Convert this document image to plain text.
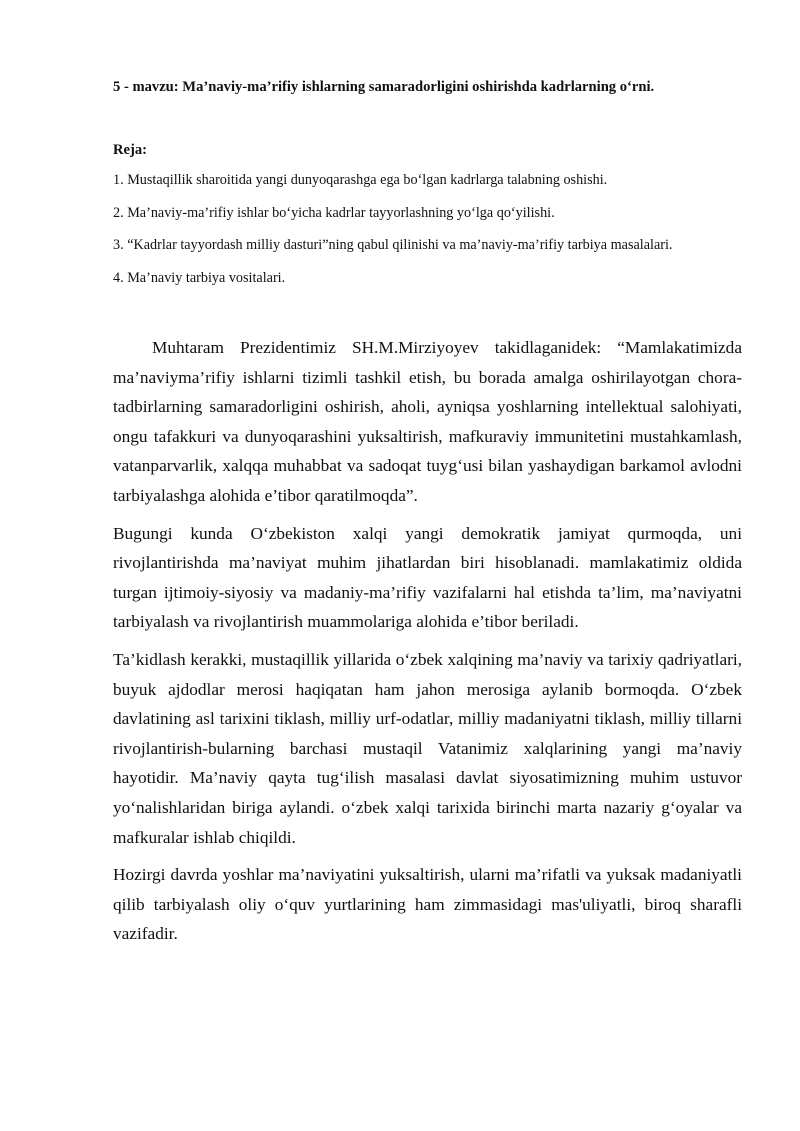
5 - mavzu: Ma’naviy-ma’rifiy ishlarning samaradorligini oshirishda kadrlarning o‘rni.
Reja:
1. Mustaqillik sharoitida yangi dunyoqarashga ega bo‘lgan kadrlarga talabning oshishi.
2. Ma’naviy-ma’rifiy ishlar bo‘yicha kadrlar tayyorlashning yo‘lga qo‘yilishi.
3. “Kadrlar tayyordash milliy dasturi”ning qabul qilinishi va ma’naviy-ma’rifiy tarbiya masalalari.
4. Ma’naviy tarbiya vositalari.

Muhtaram Prezidentimiz SH.M.Mirziyoyev takidlaganidek: “Mamlakatimizda ma’naviyma’rifiy ishlarni tizimli tashkil etish, bu borada amalga oshirilayotgan chora-tadbirlarning samaradorligini oshirish, aholi, ayniqsa yoshlarning intellektual salohiyati, ongu tafakkuri va dunyoqarashini yuksaltirish, mafkuraviy immunitetini mustahkamlash, vatanparvarlik, xalqqa muhabbat va sadoqat tuyg‘usi bilan yashaydigan barkamol avlodni tarbiyalashga alohida e’tibor qaratilmoqda”.

Bugungi kunda O‘zbekiston xalqi yangi demokratik jamiyat qurmoqda, uni rivojlantirishda ma’naviyat muhim jihatlardan biri hisoblanadi. mamlakatimiz oldida turgan ijtimoiy-siyosiy va madaniy-ma’rifiy vazifalarni hal etishda ta’lim, ma’naviyatni tarbiyalash va rivojlantirish muammolariga alohida e’tibor beriladi.

Ta’kidlash kerakki, mustaqillik yillarida o‘zbek xalqining ma’naviy va tarixiy qadriyatlari, buyuk ajdodlar merosi haqiqatan ham jahon merosiga aylanib bormoqda. O‘zbek davlatining asl tarixini tiklash, milliy urf-odatlar, milliy madaniyatni tiklash, milliy tillarni rivojlantirish-bularning barchasi mustaqil Vatanimiz xalqlarining yangi ma’naviy hayotidir. Ma’naviy qayta tug‘ilish masalasi davlat siyosatimizning muhim ustuvor yo‘nalishlaridan biriga aylandi. o‘zbek xalqi tarixida birinchi marta nazariy g‘oyalar va mafkuralar ishlab chiqildi.

Hozirgi davrda yoshlar ma’naviyatini yuksaltirish, ularni ma’rifatli va yuksak madaniyatli qilib tarbiyalash oliy o‘quv yurtlarining ham zimmasidagi mas'uliyatli, biroq sharafli vazifadir.
